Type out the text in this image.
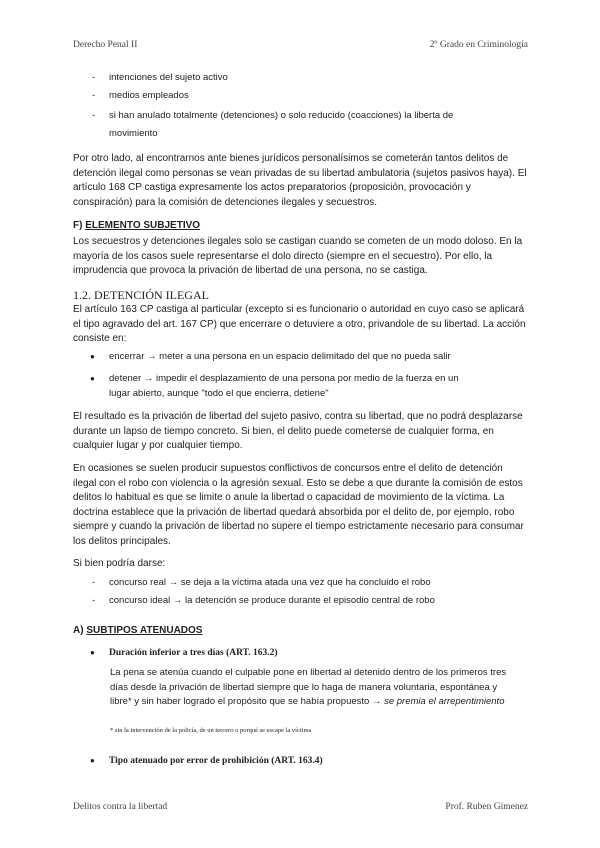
Derecho Penal II	2º Grado en Criminología
- intenciones del sujeto activo
- medios empleados
- si han anulado totalmente (detenciones) o solo reducido (coacciones) la liberta de movimiento
Por otro lado, al encontrarnos ante bienes jurídicos personalísimos se cometerán tantos delitos de detención ilegal como personas se vean privadas de su libertad ambulatoria (sujetos pasivos haya). El artículo 168 CP castiga expresamente los actos preparatorios (proposición, provocación y conspiración) para la comisión de detenciones ilegales y secuestros.
F) ELEMENTO SUBJETIVO
Los secuestros y detenciones ilegales solo se castigan cuando se cometen de un modo doloso. En la mayoría de los casos suele representarse el dolo directo (siempre en el secuestro). Por ello, la imprudencia que provoca la privación de libertad de una persona, no se castiga.
1.2. DETENCIÓN ILEGAL
El artículo 163 CP castiga al particular (excepto si es funcionario o autoridad en cuyo caso se aplicará el tipo agravado del art. 167 CP) que encerrare o detuviere a otro, privandole de su libertad. La acción consiste en:
● encerrar → meter a una persona en un espacio delimitado del que no pueda salir
● detener → impedir el desplazamiento de una persona por medio de la fuerza en un lugar abierto, aunque "todo el que encierra, detiene"
El resultado es la privación de libertad del sujeto pasivo, contra su libertad, que no podrá desplazarse durante un lapso de tiempo concreto. Si bien, el delito puede cometerse de cualquier forma, en cualquier lugar y por cualquier tiempo.
En ocasiones se suelen producir supuestos conflictivos de concursos entre el delito de detención ilegal con el robo con violencia o la agresión sexual. Esto se debe a que durante la comisión de estos delitos lo habitual es que se limite o anule la libertad o capacidad de movimiento de la víctima. La doctrina establece que la privación de libertad quedará absorbida por el delito de, por ejemplo, robo siempre y cuando la privación de libertad no supere el tiempo estrictamente necesario para consumar los delitos principales.
Si bien podría darse:
- concurso real → se deja a la víctima atada una vez que ha concluido el robo
- concurso ideal → la detención se produce durante el episodio central de robo
A) SUBTIPOS ATENUADOS
● Duración inferior a tres días (ART. 163.2)
La pena se atenúa cuando el culpable pone en libertad al detenido dentro de los primeros tres días desde la privación de libertad siempre que lo haga de manera voluntaria, espontánea y libre* y sin haber logrado el propósito que se había propuesto → se premia el arrepentimiento
* sin la intervención de la policía, de un tercero o porqué se escape la víctima
● Tipo atenuado por error de prohibición (ART. 163.4)
Delitos contra la libertad	Prof. Ruben Gimenez
